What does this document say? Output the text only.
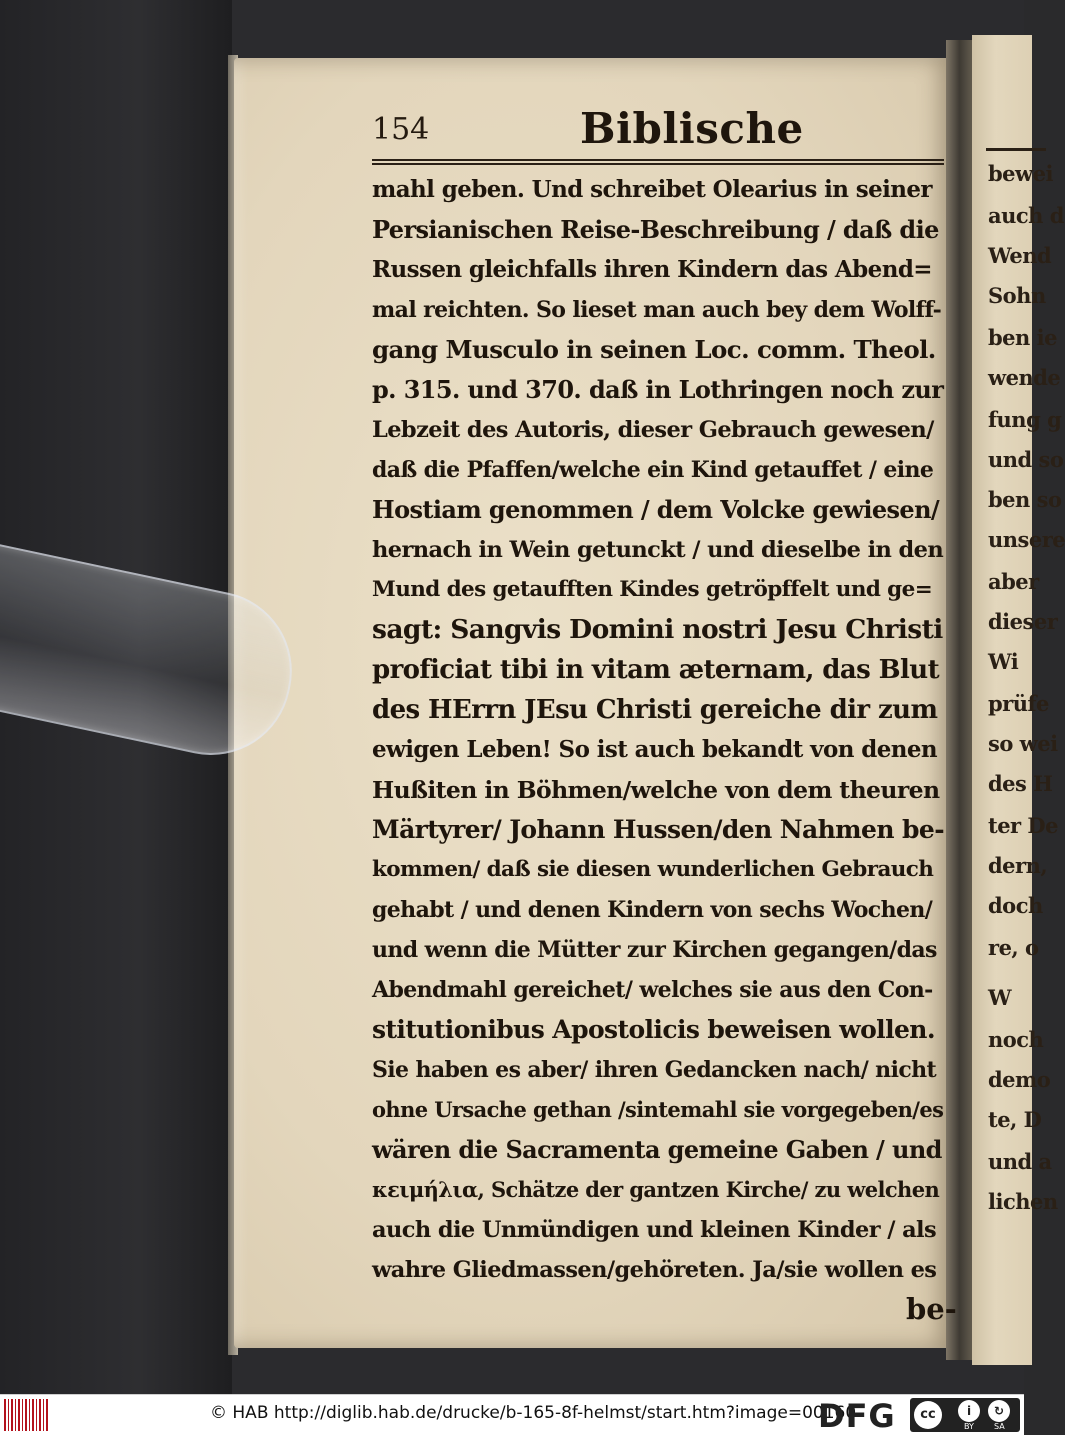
bewei
auch d
Wend
Sohn
ben ie
wende
fung g
und so
ben so
unsere
aber
dieser
Wi
prüfe
so wei
des H
ter De
dern,
doch
re, o
W
noch
demo
te, D
und a
lichen
154	Biblische
mahl geben. Und schreibet Olearius in seiner
Persianischen Reise-Beschreibung / daß die
Russen gleichfalls ihren Kindern das Abend=
mal reichten. So lieset man auch bey dem Wolff-
gang Musculo in seinen Loc. comm. Theol.
p. 315. und 370. daß in Lothringen noch zur
Lebzeit des Autoris, dieser Gebrauch gewesen/
daß die Pfaffen/welche ein Kind getauffet / eine
Hostiam genommen / dem Volcke gewiesen/
hernach in Wein getunckt / und dieselbe in den
Mund des getaufften Kindes getröpffelt und ge=
sagt: Sangvis Domini nostri Jesu Christi
proficiat tibi in vitam æternam, das Blut
des HErrn JEsu Christi gereiche dir zum
ewigen Leben! So ist auch bekandt von denen
Hußiten in Böhmen/welche von dem theuren
Märtyrer/ Johann Hussen/den Nahmen be-
kommen/ daß sie diesen wunderlichen Gebrauch
gehabt / und denen Kindern von sechs Wochen/
und wenn die Mütter zur Kirchen gegangen/das
Abendmahl gereichet/ welches sie aus den Con-
stitutionibus Apostolicis beweisen wollen.
Sie haben es aber/ ihren Gedancken nach/ nicht
ohne Ursache gethan /sintemahl sie vorgegeben/es
wären die Sacramenta gemeine Gaben / und
κειμήλια, Schätze der gantzen Kirche/ zu welchen
auch die Unmündigen und kleinen Kinder / als
wahre Gliedmassen/gehöreten. Ja/sie wollen es
be-
© HAB http://diglib.hab.de/drucke/b-165-8f-helmst/start.htm?image=00160
DFG	cc	i	↻
BY	SA
